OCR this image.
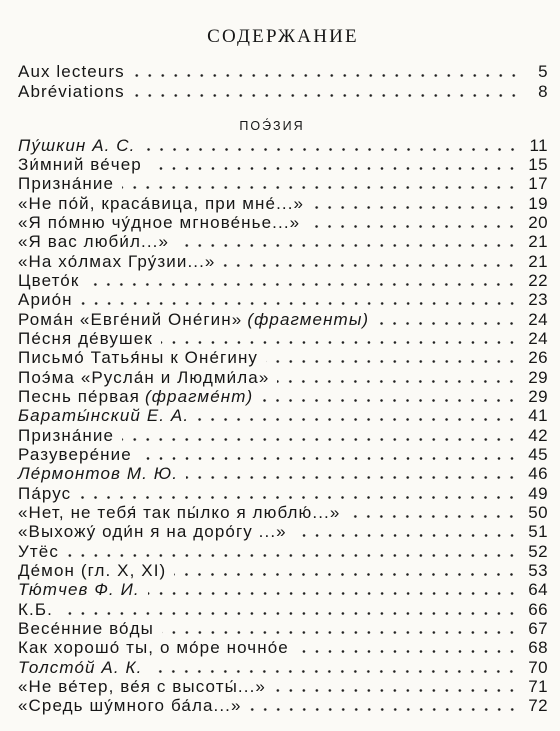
СОДЕРЖАНИЕ
Aux lecteurs	5
Abréviations	8
ПОЭ́ЗИЯ
Пу́шкин А. С.	11
Зи́мний ве́чер	15
Призна́ние	17
«Не по́й, краса́вица, при мне́...»	19
«Я по́мню чу́дное мгнове́нье...»	20
«Я вас люби́л...»	21
«На хо́лмах Гру́зии...»	21
Цвето́к	22
Арио́н	23
Рома́н «Евге́ний Оне́гин» (фрагменты)	24
Пе́сня де́вушек	24
Письмо́ Татья́ны к Оне́гину	26
Поэ́ма «Русла́н и Людми́ла»	29
Песнь пе́рвая (фрагме́нт)	29
Бараты́нский Е. А.	41
Призна́ние	42
Разувере́ние	45
Ле́рмонтов М. Ю.	46
Па́рус	49
«Нет, не тебя́ так пы́лко я люблю́...»	50
«Выхожу́ оди́н я на доро́гу ...»	51
Утёс	52
Де́мон (гл. X, XI)	53
Тю́тчев Ф. И.	64
К.Б.	66
Весе́нние во́ды	67
Как хорошо́ ты, о мо́ре ночно́е	68
Толсто́й А. К.	70
«Не ве́тер, ве́я с высоты́...»	71
«Средь шу́много ба́ла...»	72
